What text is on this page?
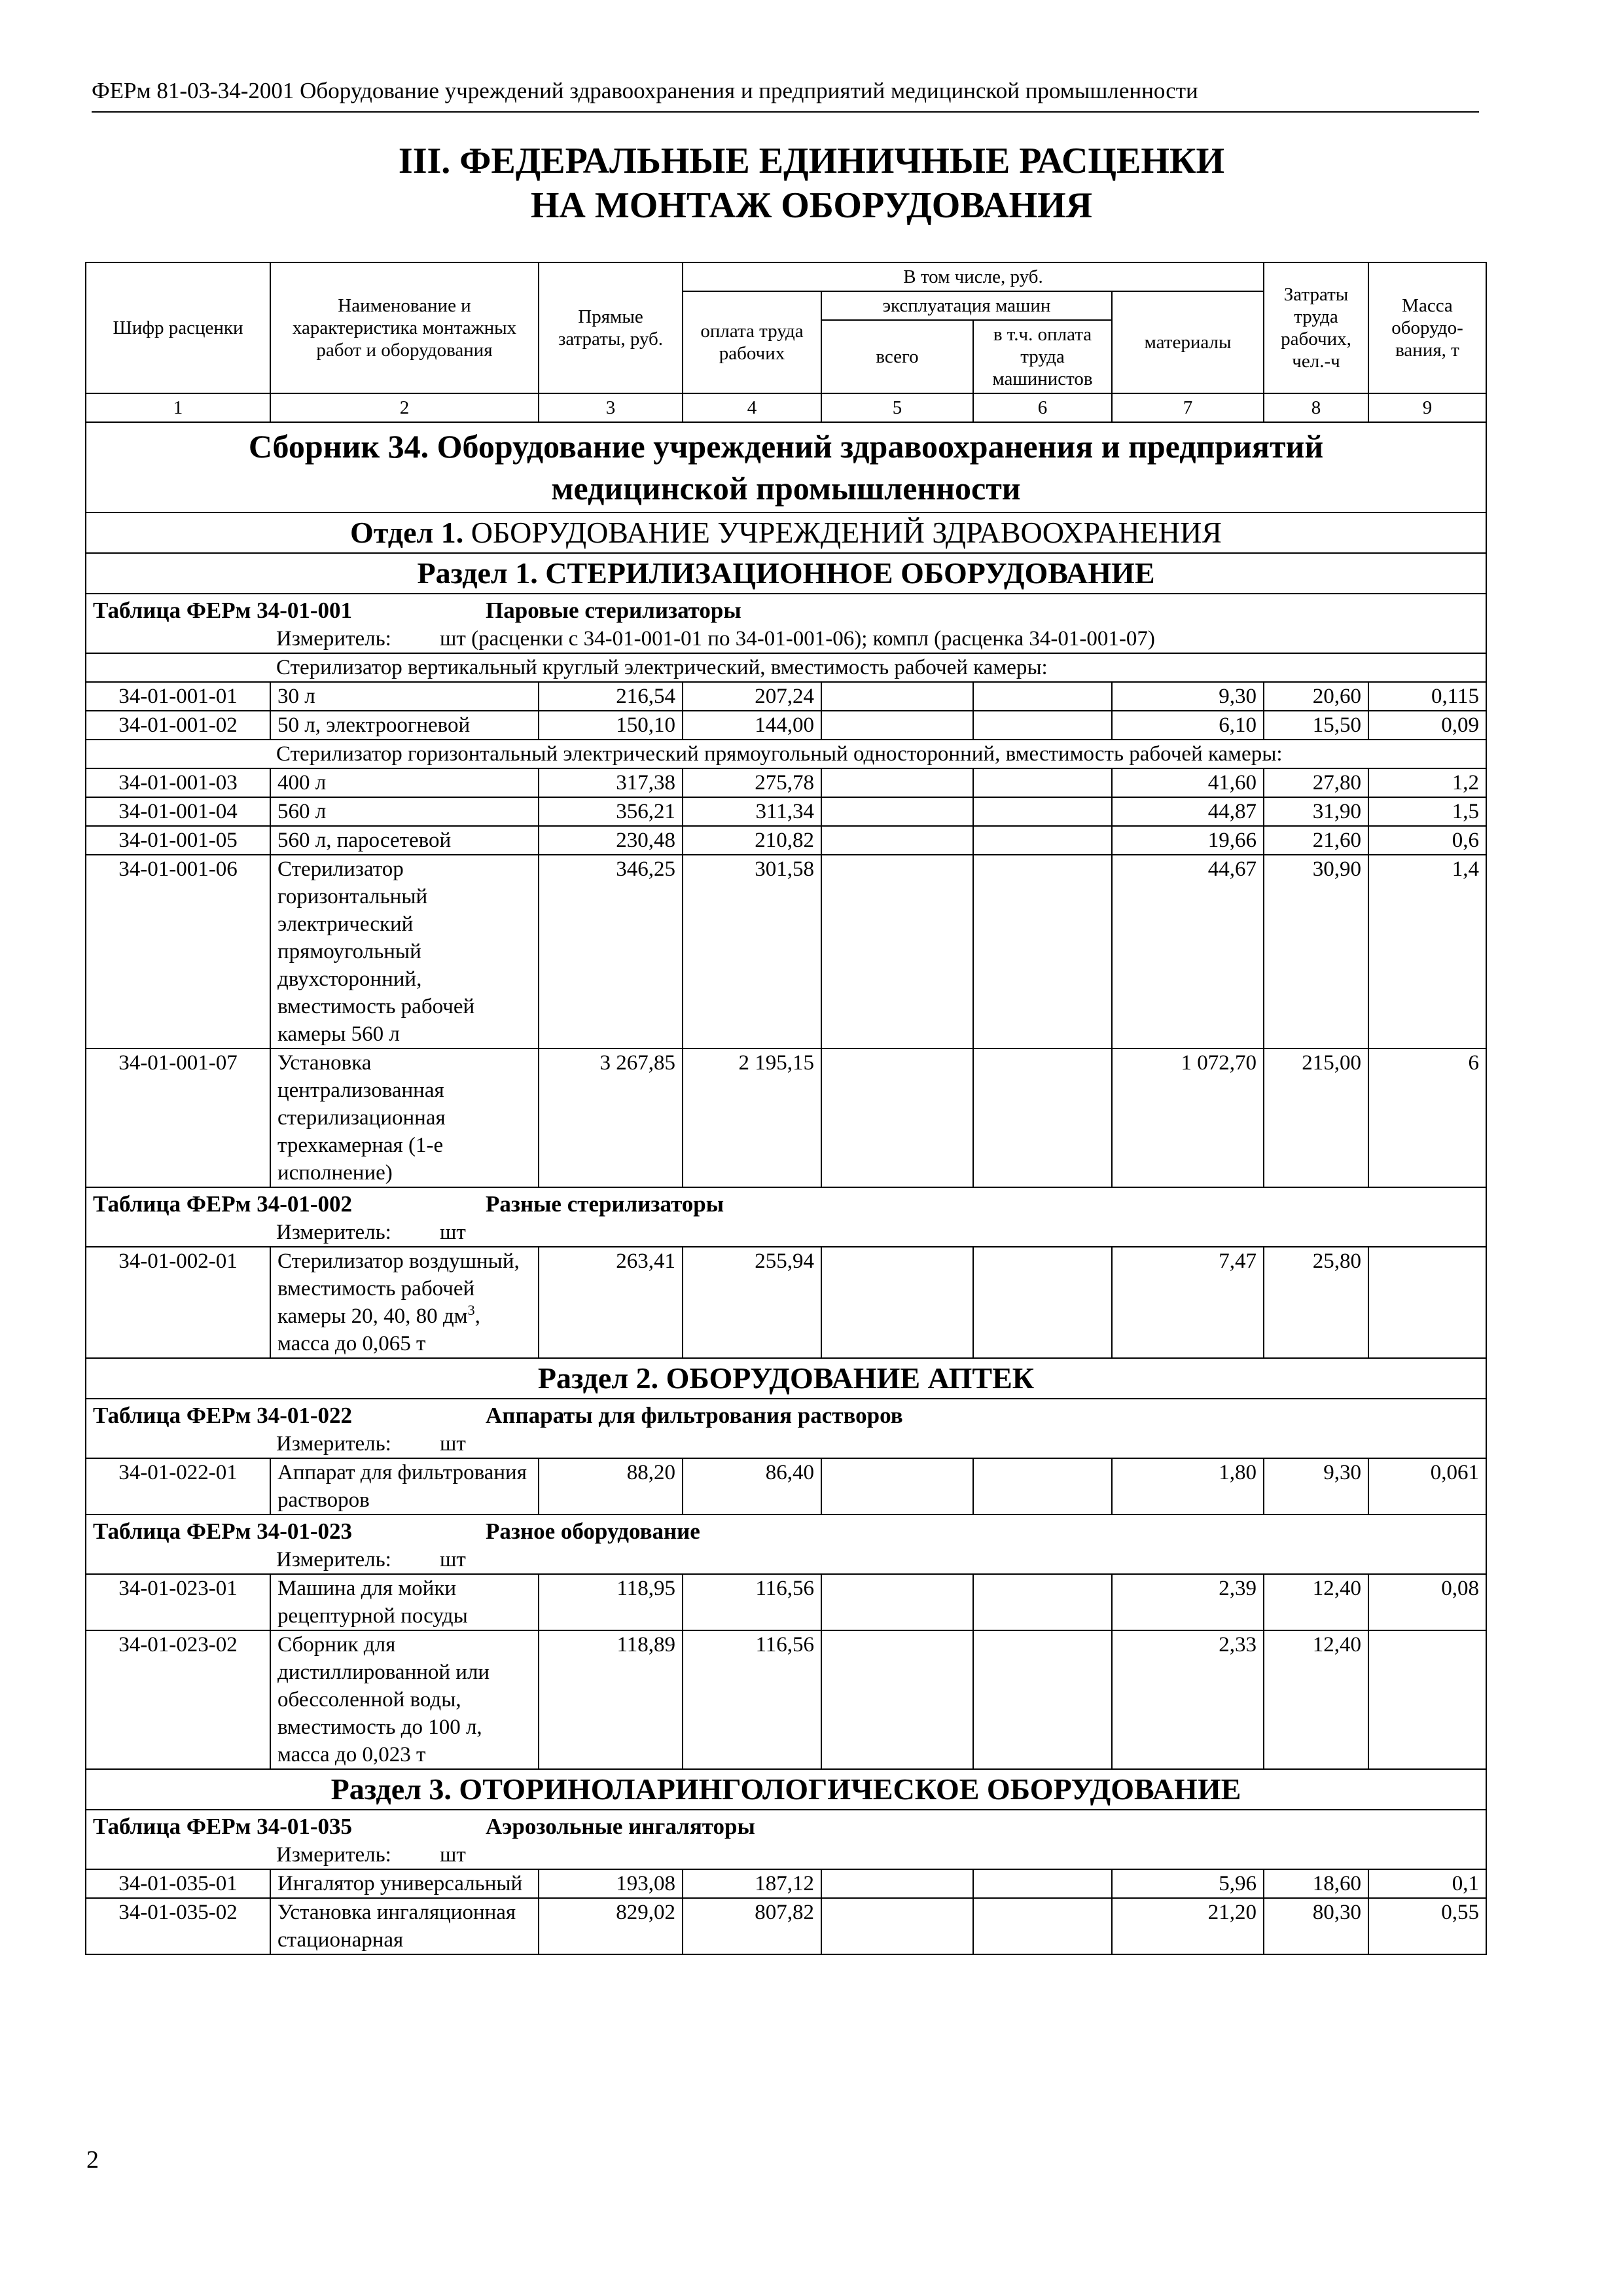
ФЕРм 81-03-34-2001 Оборудование учреждений здравоохранения и предприятий медицинской промышленности
III. ФЕДЕРАЛЬНЫЕ ЕДИНИЧНЫЕ РАСЦЕНКИ
НА МОНТАЖ ОБОРУДОВАНИЯ
Шифр расценки	Наименование и характеристика монтажных работ и оборудования	Прямые затраты, руб.	В том числе, руб.				Затраты труда рабочих, чел.-ч	Масса оборудо-вания, т
			оплата труда рабочих	эксплуатация машин		материалы		
				всего	в т.ч. оплата труда машинистов			
1	2	3	4	5	6	7	8	9

Сборник 34. Оборудование учреждений здравоохранения и предприятий
медицинской промышленности								

Отдел 1. ОБОРУДОВАНИЕ УЧРЕЖДЕНИЙ ЗДРАВООХРАНЕНИЯ								
Раздел 1. СТЕРИЛИЗАЦИОННОЕ ОБОРУДОВАНИЕ								
Таблица ФЕРм 34-01-001 Паровые стерилизаторы								
Измеритель: шт (расценки с 34-01-001-01 по 34-01-001-06); компл (расценка 34-01-001-07)								
Стерилизатор вертикальный круглый электрический, вместимость рабочей камеры:								
34-01-001-01	30 л	216,54	207,24			9,30	20,60	0,115
34-01-001-02	50 л, электроогневой	150,10	144,00			6,10	15,50	0,09
Стерилизатор горизонтальный электрический прямоугольный односторонний, вместимость рабочей камеры:								
34-01-001-03	400 л	317,38	275,78			41,60	27,80	1,2
34-01-001-04	560 л	356,21	311,34			44,87	31,90	1,5
34-01-001-05	560 л, паросетевой	230,48	210,82			19,66	21,60	0,6
34-01-001-06	Стерилизатор горизонтальный электрический прямоугольный двухсторонний, вместимость рабочей камеры 560 л	346,25	301,58			44,67	30,90	1,4
34-01-001-07	Установка централизованная стерилизационная трехкамерная (1-е исполнение)	3 267,85	2 195,15			1 072,70	215,00	6
Таблица ФЕРм 34-01-002 Разные стерилизаторы								
Измеритель: шт								
34-01-002-01	Стерилизатор воздушный, вместимость рабочей камеры 20, 40, 80 $дм^3$, масса до 0,065 т	263,41	255,94			7,47	25,80	
Раздел 2. ОБОРУДОВАНИЕ АПТЕК								
Таблица ФЕРм 34-01-022 Аппараты для фильтрования растворов								
Измеритель: шт								
34-01-022-01	Аппарат для фильтрования растворов	88,20	86,40			1,80	9,30	0,061
Таблица ФЕРм 34-01-023 Разное оборудование								
Измеритель: шт								
34-01-023-01	Машина для мойки рецептурной посуды	118,95	116,56			2,39	12,40	0,08
34-01-023-02	Сборник для дистиллированной или обессоленной воды, вместимость до 100 л, масса до 0,023 т	118,89	116,56			2,33	12,40	
Раздел 3. ОТОРИНОЛАРИНГОЛОГИЧЕСКОЕ ОБОРУДОВАНИЕ								
Таблица ФЕРм 34-01-035 Аэрозольные ингаляторы								
Измеритель: шт								
34-01-035-01	Ингалятор универсальный	193,08	187,12			5,96	18,60	0,1
34-01-035-02	Установка ингаляционная стационарная	829,02	807,82			21,20	80,30	0,55
2
